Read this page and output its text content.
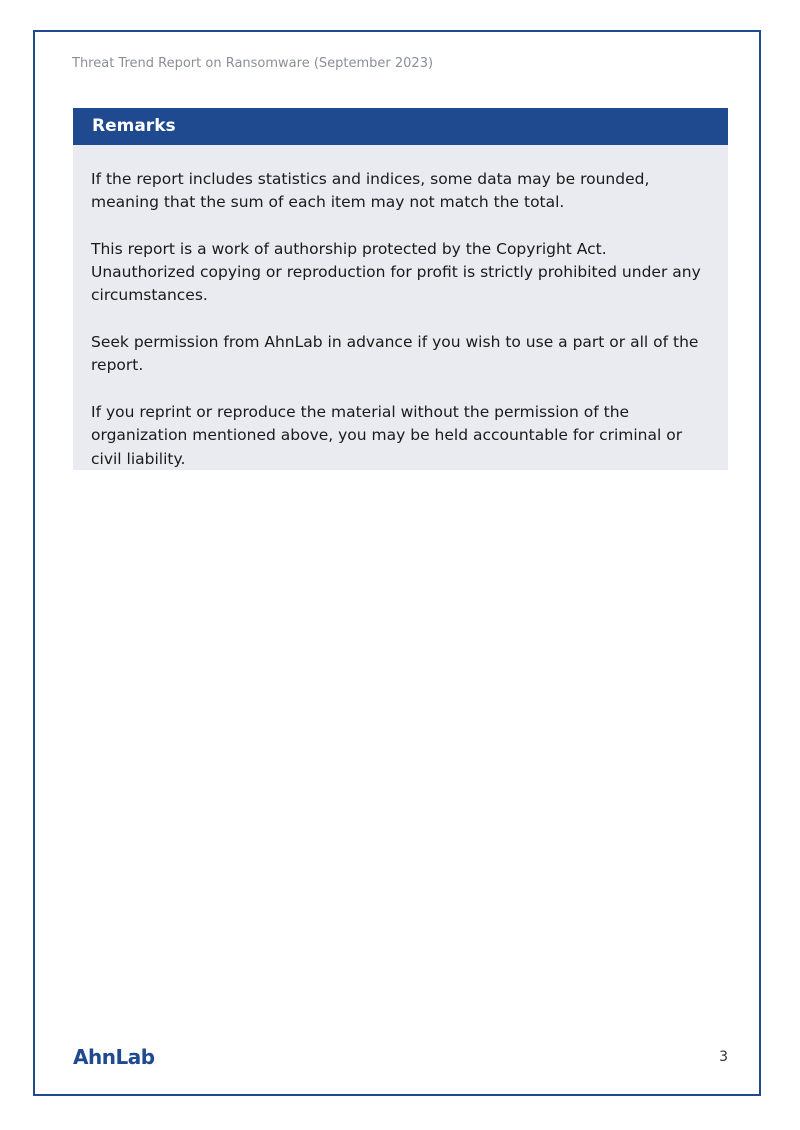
Threat Trend Report on Ransomware (September 2023)
Remarks

If the report includes statistics and indices, some data may be rounded, meaning that the sum of each item may not match the total.

This report is a work of authorship protected by the Copyright Act. Unauthorized copying or reproduction for profit is strictly prohibited under any circumstances.

Seek permission from AhnLab in advance if you wish to use a part or all of the report.

If you reprint or reproduce the material without the permission of the organization mentioned above, you may be held accountable for criminal or civil liability.

AhnLab	3
